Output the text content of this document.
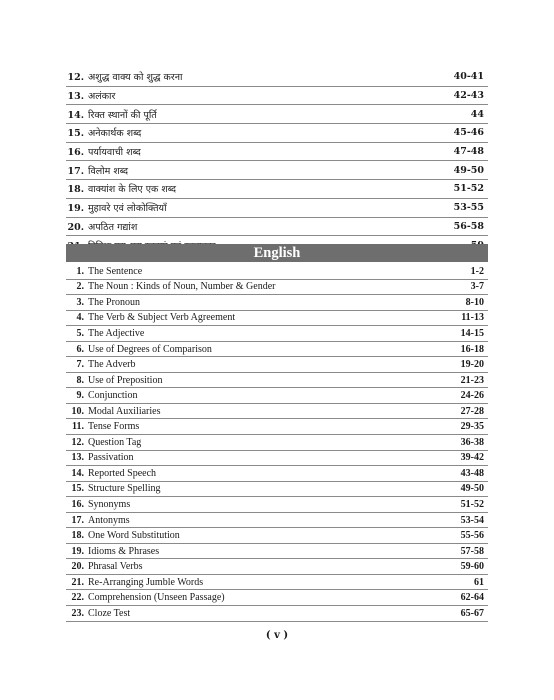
12. अशुद्ध वाक्य को शुद्ध करना	40-41
13. अलंकार	42-43
14. रिक्त स्थानों की पूर्ति	44
15. अनेकार्थक शब्द	45-46
16. पर्यायवाची शब्द	47-48
17. विलोम शब्द	49-50
18. वाक्यांश के लिए एक शब्द	51-52
19. मुहावरे एवं लोकोक्तियाँ	53-55
20. अपठित गद्यांश	56-58
English
1. The Sentence	1-2
2. The Noun : Kinds of Noun, Number & Gender	3-7
3. The Pronoun	8-10
4. The Verb & Subject Verb Agreement	11-13
5. The Adjective	14-15
6. Use of Degrees of Comparison	16-18
7. The Adverb	19-20
8. Use of Preposition	21-23
9. Conjunction	24-26
10. Modal Auxiliaries	27-28
11. Tense Forms	29-35
12. Question Tag	36-38
13. Passivation	39-42
14. Reported Speech	43-48
15. Structure Spelling	49-50
16. Synonyms	51-52
17. Antonyms	53-54
18. One Word Substitution	55-56
19. Idioms & Phrases	57-58
20. Phrasal Verbs	59-60
21. Re-Arranging Jumble Words	61
22. Comprehension (Unseen Passage)	62-64
23. Cloze Test	65-67
( v )
